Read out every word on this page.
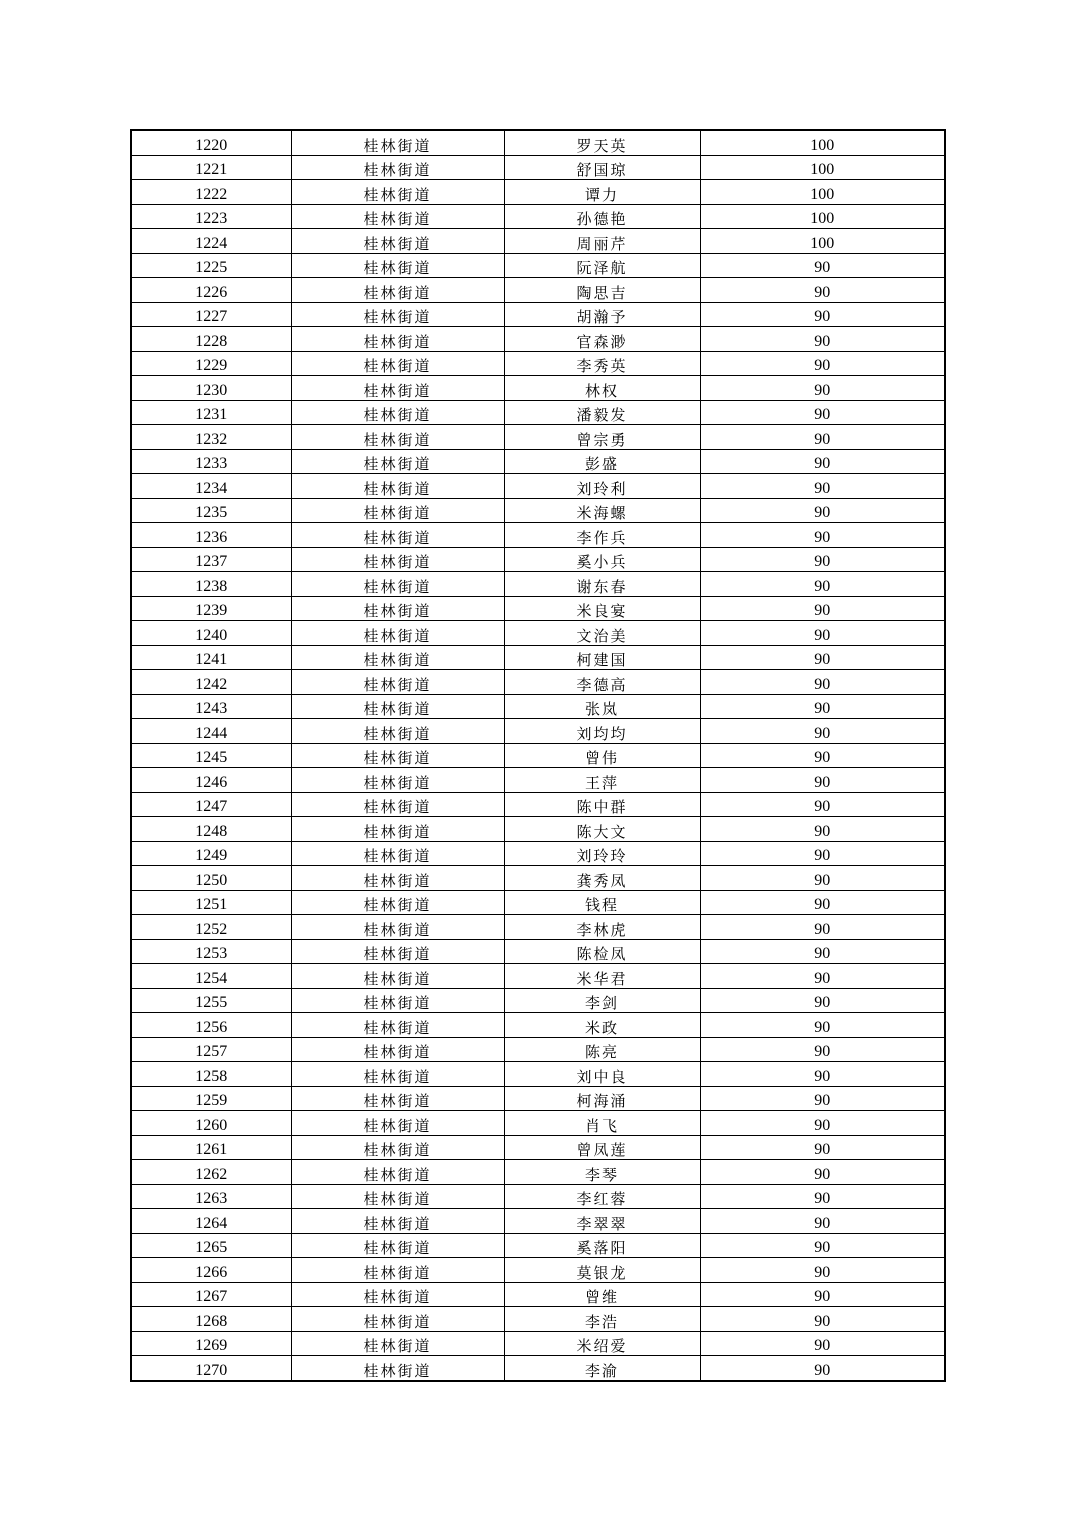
1220	桂林街道	罗天英	100
1221	桂林街道	舒国琼	100
1222	桂林街道	谭力	100
1223	桂林街道	孙德艳	100
1224	桂林街道	周丽芹	100
1225	桂林街道	阮泽航	90
1226	桂林街道	陶思吉	90
1227	桂林街道	胡瀚予	90
1228	桂林街道	官森渺	90
1229	桂林街道	李秀英	90
1230	桂林街道	林权	90
1231	桂林街道	潘毅发	90
1232	桂林街道	曾宗勇	90
1233	桂林街道	彭盛	90
1234	桂林街道	刘玲利	90
1235	桂林街道	米海螺	90
1236	桂林街道	李作兵	90
1237	桂林街道	奚小兵	90
1238	桂林街道	谢东春	90
1239	桂林街道	米良宴	90
1240	桂林街道	文治美	90
1241	桂林街道	柯建国	90
1242	桂林街道	李德高	90
1243	桂林街道	张岚	90
1244	桂林街道	刘均均	90
1245	桂林街道	曾伟	90
1246	桂林街道	王萍	90
1247	桂林街道	陈中群	90
1248	桂林街道	陈大文	90
1249	桂林街道	刘玲玲	90
1250	桂林街道	龚秀凤	90
1251	桂林街道	钱程	90
1252	桂林街道	李林虎	90
1253	桂林街道	陈检凤	90
1254	桂林街道	米华君	90
1255	桂林街道	李剑	90
1256	桂林街道	米政	90
1257	桂林街道	陈亮	90
1258	桂林街道	刘中良	90
1259	桂林街道	柯海涌	90
1260	桂林街道	肖飞	90
1261	桂林街道	曾凤莲	90
1262	桂林街道	李琴	90
1263	桂林街道	李红蓉	90
1264	桂林街道	李翠翠	90
1265	桂林街道	奚落阳	90
1266	桂林街道	莫银龙	90
1267	桂林街道	曾维	90
1268	桂林街道	李浩	90
1269	桂林街道	米绍爱	90
1270	桂林街道	李渝	90
